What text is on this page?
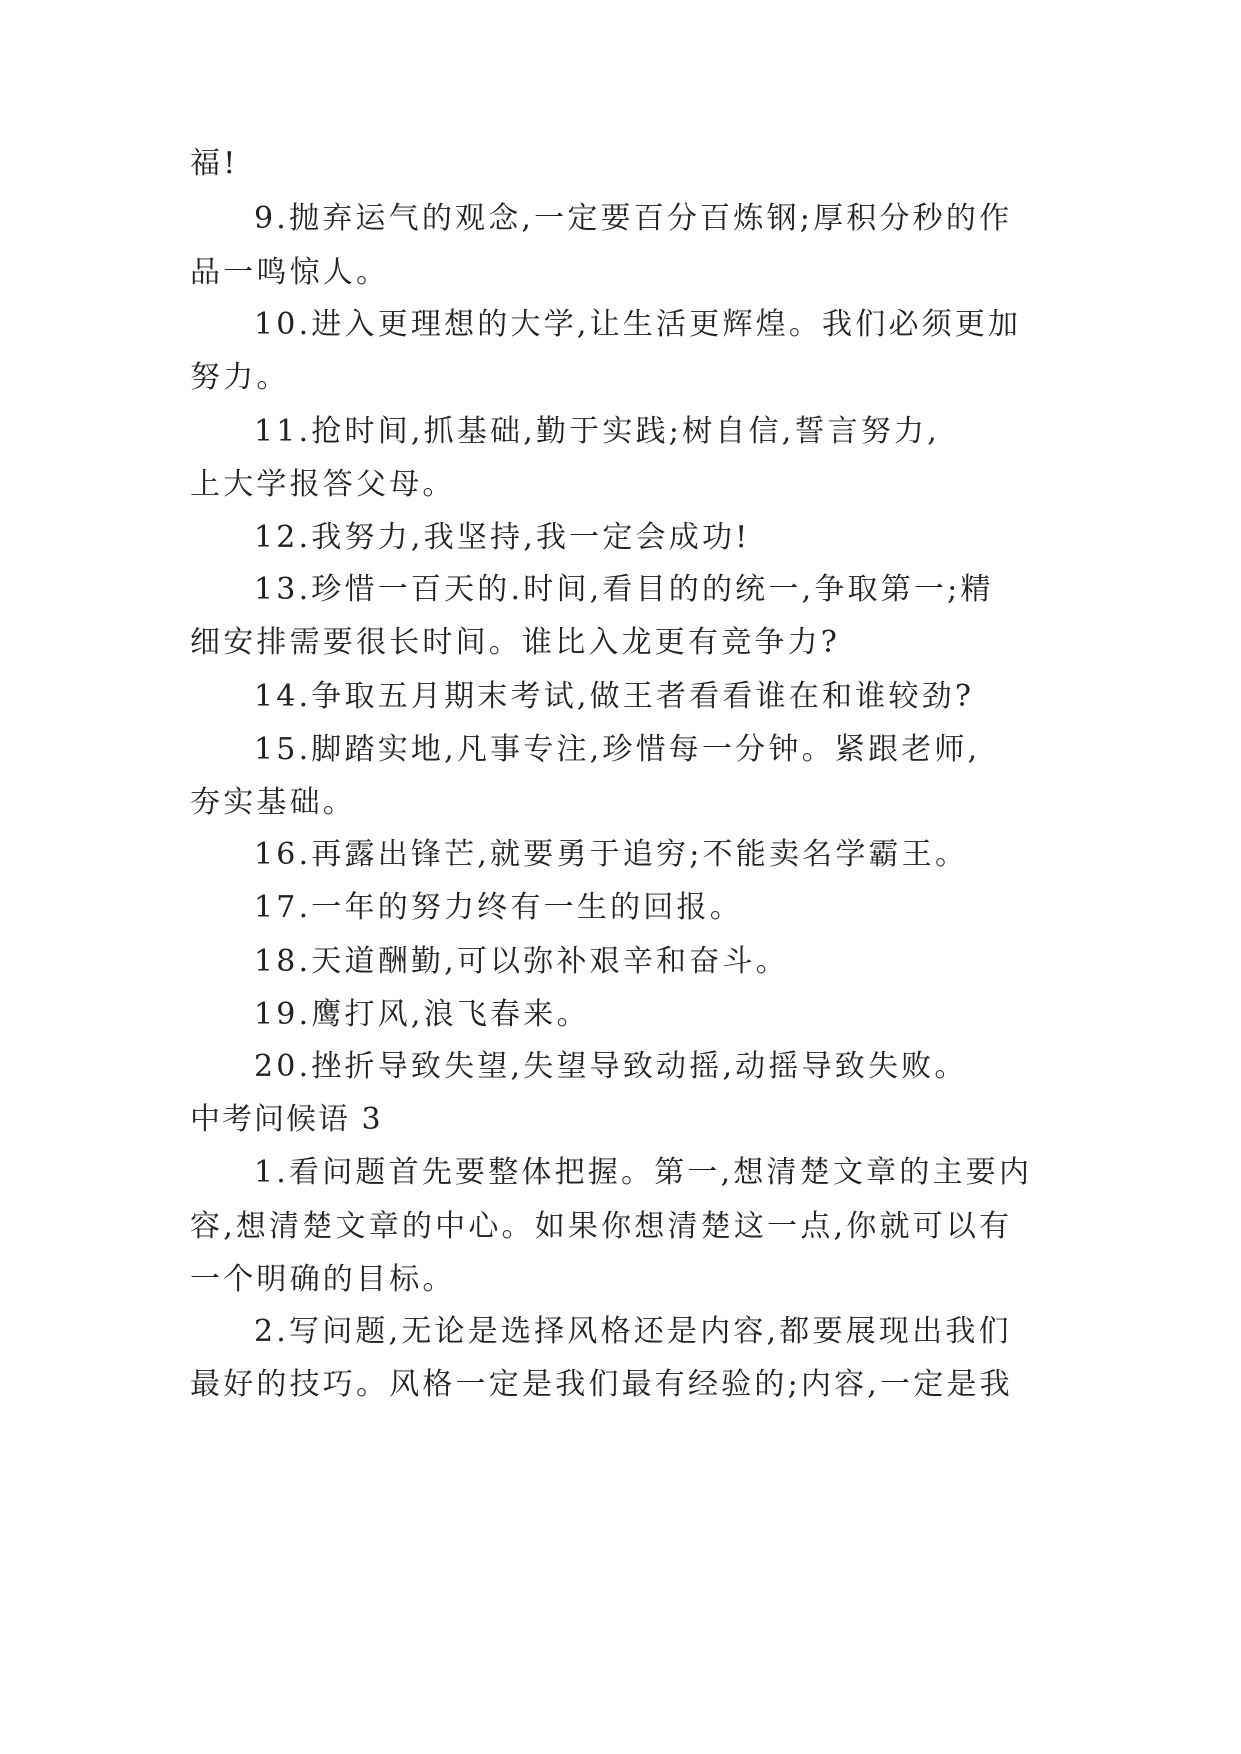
福!
9.抛弃运气的观念,一定要百分百炼钢;厚积分秒的作
品一鸣惊人。
10.进入更理想的大学,让生活更辉煌。我们必须更加
努力。
11.抢时间,抓基础,勤于实践;树自信,誓言努力,
上大学报答父母。
12.我努力,我坚持,我一定会成功!
13.珍惜一百天的.时间,看目的的统一,争取第一;精
细安排需要很长时间。谁比入龙更有竞争力?
14.争取五月期末考试,做王者看看谁在和谁较劲?
15.脚踏实地,凡事专注,珍惜每一分钟。紧跟老师,
夯实基础。
16.再露出锋芒,就要勇于追穷;不能卖名学霸王。
17.一年的努力终有一生的回报。
18.天道酬勤,可以弥补艰辛和奋斗。
19.鹰打风,浪飞春来。
20.挫折导致失望,失望导致动摇,动摇导致失败。
中考问候语 3
1.看问题首先要整体把握。第一,想清楚文章的主要内
容,想清楚文章的中心。如果你想清楚这一点,你就可以有
一个明确的目标。
2.写问题,无论是选择风格还是内容,都要展现出我们
最好的技巧。风格一定是我们最有经验的;内容,一定是我
